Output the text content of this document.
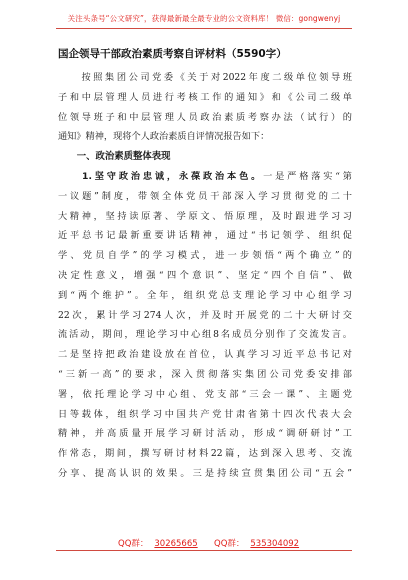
关注头条号“公文研究”，获得最新最全最专业的公文资料库！ 微信：gongwenyj
国企领导干部政治素质考察自评材料（5590字）
　　按照集团公司党委《关于对2022年度二级单位领导班
子和中层管理人员进行考核工作的通知》和《公司二级单
位领导班子和中层管理人员政治素质考察办法（试行）的
通知》精神，现将个人政治素质自评情况报告如下：
　　一、政治素质整体表现
　　1.坚守政治忠诚，永葆政治本色。一是严格落实“第
一议题”制度，带领全体党员干部深入学习贯彻党的二十
大精神，坚持读原著、学原文、悟原理，及时跟进学习习
近平总书记最新重要讲话精神，通过“书记领学、组织促
学、党员自学”的学习模式，进一步领悟“两个确立”的
决定性意义，增强“四个意识”、坚定“四个自信”、做
到“两个维护”。全年，组织党总支理论学习中心组学习
22次，累计学习274人次，并及时开展党的二十大研讨交
流活动，期间，理论学习中心组8名成员分别作了交流发言。
二是坚持把政治建设放在首位，认真学习习近平总书记对
“三新一高”的要求，深入贯彻落实集团公司党委安排部
署，依托理论学习中心组、党支部“三会一课”、主题党
日等载体，组织学习中国共产党甘肃省第十四次代表大会
精神，并高质量开展学习研讨活动，形成“调研研讨”工
作常态，期间，撰写研讨材料22篇，达到深入思考、交流
分享、提高认识的效果。三是持续宣贯集团公司“五会”
QQ群： 30265665 QQ群： 535304092
